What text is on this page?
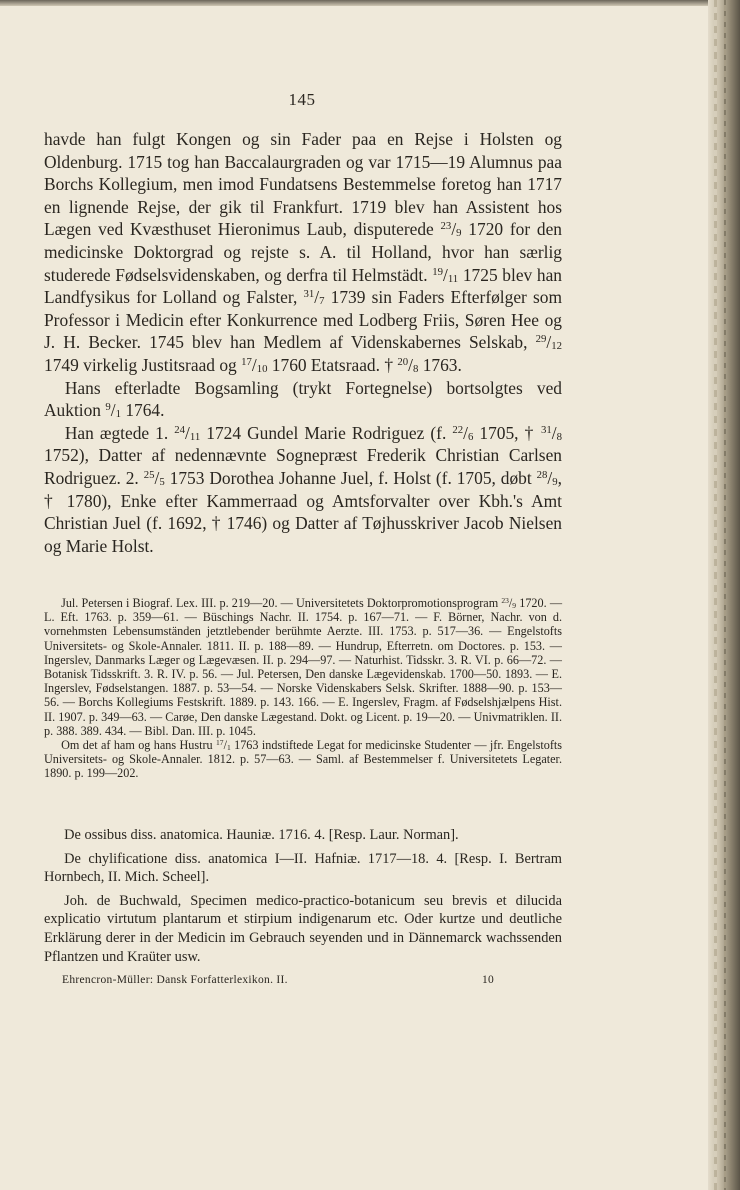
145

havde han fulgt Kongen og sin Fader paa en Rejse i Holsten og Oldenburg. 1715 tog han Baccalaurgraden og var 1715—19 Alumnus paa Borchs Kollegium, men imod Fundatsens Bestemmelse foretog han 1717 en lignende Rejse, der gik til Frankfurt. 1719 blev han Assistent hos Lægen ved Kvæsthuset Hieronimus Laub, disputerede $^{23}/_9$ 1720 for den medicinske Doktorgrad og rejste s. A. til Holland, hvor han særlig studerede Fødselsvidenskaben, og derfra til Helmstädt. $^{19}/_{11}$ 1725 blev han Landfysikus for Lolland og Falster, $^{31}/_7$ 1739 sin Faders Efterfølger som Professor i Medicin efter Konkurrence med Lodberg Friis, Søren Hee og J. H. Becker. 1745 blev han Medlem af Videnskabernes Selskab, $^{29}/_{12}$ 1749 virkelig Justitsraad og $^{17}/_{10}$ 1760 Etatsraad. † $^{20}/_8$ 1763.

Hans efterladte Bogsamling (trykt Fortegnelse) bortsolgtes ved Auktion $^9/_1$ 1764.

Han ægtede 1. $^{24}/_{11}$ 1724 Gundel Marie Rodriguez (f. $^{22}/_6$ 1705, † $^{31}/_8$ 1752), Datter af nedennævnte Sognepræst Frederik Christian Carlsen Rodriguez. 2. $^{25}/_5$ 1753 Dorothea Johanne Juel, f. Holst (f. 1705, døbt $^{28}/_9$, † 1780), Enke efter Kammerraad og Amtsforvalter over Kbh.'s Amt Christian Juel (f. 1692, † 1746) og Datter af Tøjhusskriver Jacob Nielsen og Marie Holst.

Jul. Petersen i Biograf. Lex. III. p. 219—20. — Universitetets Doktorpromotionsprogram $^{23}/_9$ 1720. — L. Eft. 1763. p. 359—61. — Büschings Nachr. II. 1754. p. 167—71. — F. Börner, Nachr. von d. vornehmsten Lebensumständen jetztlebender berühmte Aerzte. III. 1753. p. 517—36. — Engelstofts Universitets- og Skole-Annaler. 1811. II. p. 188—89. — Hundrup, Efterretn. om Doctores. p. 153. — Ingerslev, Danmarks Læger og Lægevæsen. II. p. 294—97. — Naturhist. Tidsskr. 3. R. VI. p. 66—72. — Botanisk Tidsskrift. 3. R. IV. p. 56. — Jul. Petersen, Den danske Lægevidenskab. 1700—50. 1893. — E. Ingerslev, Fødselstangen. 1887. p. 53—54. — Norske Videnskabers Selsk. Skrifter. 1888—90. p. 153—56. — Borchs Kollegiums Festskrift. 1889. p. 143. 166. — E. Ingerslev, Fragm. af Fødselshjælpens Hist. II. 1907. p. 349—63. — Carøe, Den danske Lægestand. Dokt. og Licent. p. 19—20. — Univmatriklen. II. p. 388. 389. 434. — Bibl. Dan. III. p. 1045.

Om det af ham og hans Hustru $^{17}/_1$ 1763 indstiftede Legat for medicinske Studenter — jfr. Engelstofts Universitets- og Skole-Annaler. 1812. p. 57—63. — Saml. af Bestemmelser f. Universitetets Legater. 1890. p. 199—202.

De ossibus diss. anatomica. Hauniæ. 1716. 4. [Resp. Laur. Norman].

De chylificatione diss. anatomica I—II. Hafniæ. 1717—18. 4. [Resp. I. Bertram Hornbech, II. Mich. Scheel].

Joh. de Buchwald, Specimen medico-practico-botanicum seu brevis et dilucida explicatio virtutum plantarum et stirpium indigenarum etc. Oder kurtze und deutliche Erklärung derer in der Medicin im Gebrauch seyenden und in Dännemarck wachssenden Pflantzen und Kraüter usw.

Ehrencron-Müller: Dansk Forfatterlexikon. II.	10
